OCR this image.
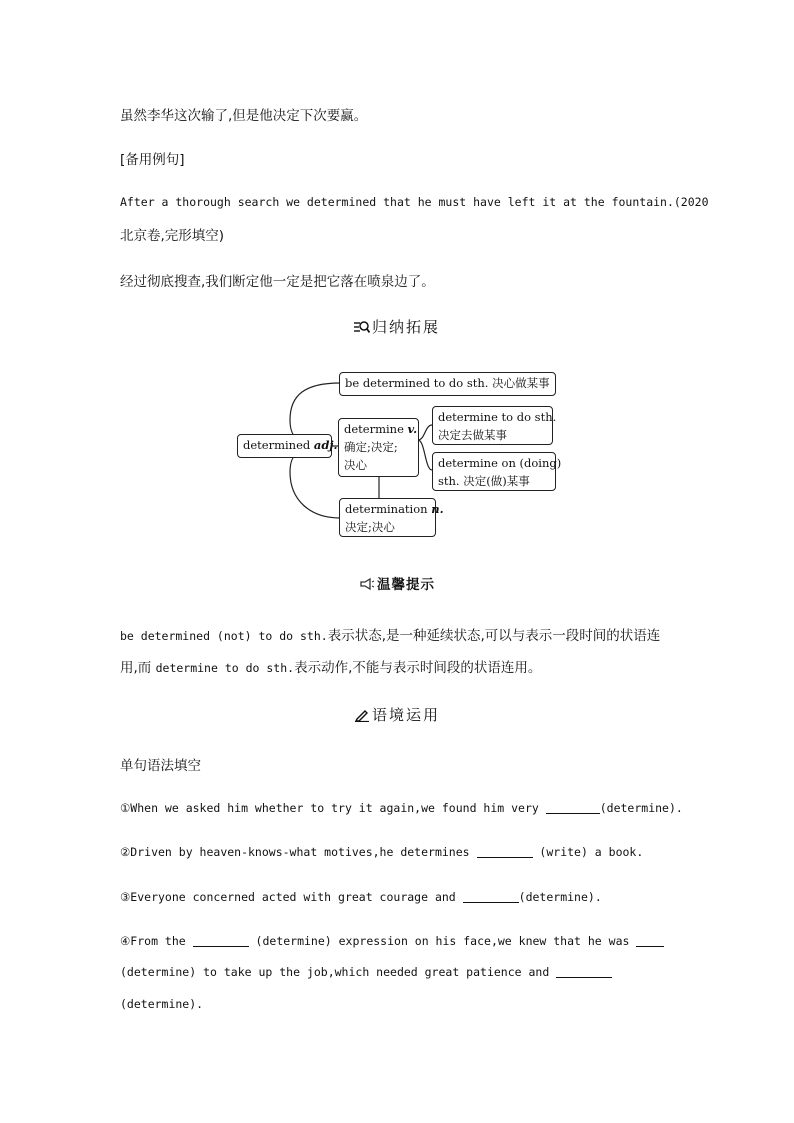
虽然李华这次输了,但是他决定下次要赢。
[备用例句]
After a thorough search we determined that he must have left it at the fountain.(2020
北京卷,完形填空)
经过彻底搜查,我们断定他一定是把它落在喷泉边了。
归纳拓展
determined adj.
be determined to do sth. 决心做某事
determine v.
确定;决定;
决心
determine to do sth.
决定去做某事
determine on (doing)
sth. 决定(做)某事
determination n.
决定;决心
温馨提示
be determined (not) to do sth.表示状态,是一种延续状态,可以与表示一段时间的状语连
用,而 determine to do sth.表示动作,不能与表示时间段的状语连用。
语境运用
单句语法填空
①When we asked him whether to try it again,we found him very	(determine).
②Driven by heaven-knows-what motives,he determines	(write) a book.
③Everyone concerned acted with great courage and	(determine).
④From the	(determine) expression on his face,we knew that he was
(determine) to take up the job,which needed great patience and
(determine).
